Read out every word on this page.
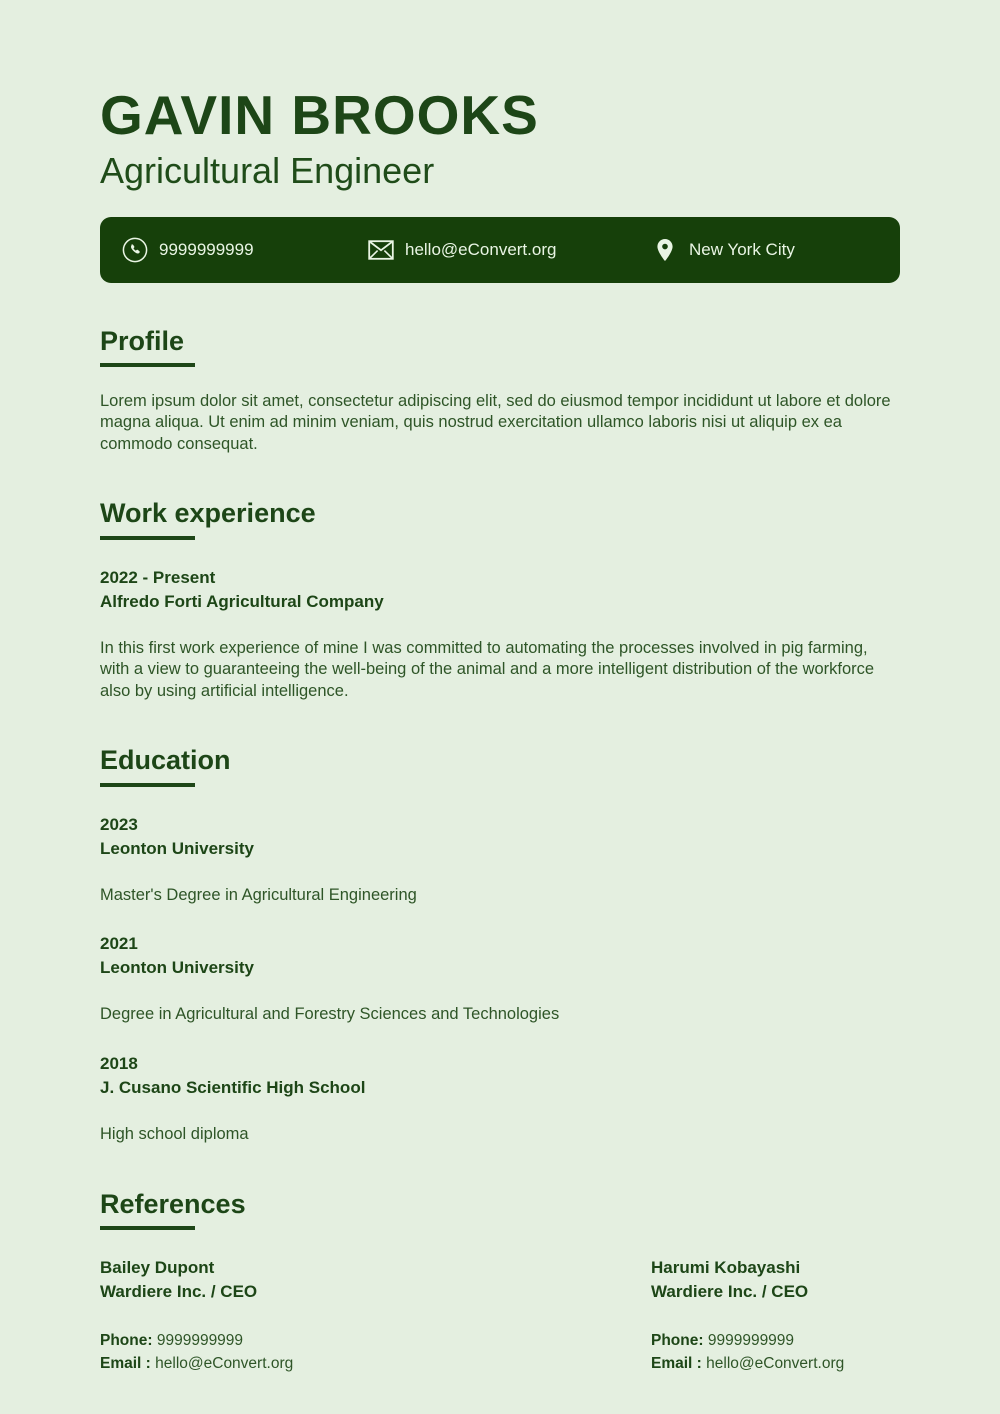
GAVIN BROOKS
Agricultural Engineer
9999999999	hello@eConvert.org	New York City
Profile

Lorem ipsum dolor sit amet, consectetur adipiscing elit, sed do eiusmod tempor incididunt ut labore et dolore magna aliqua. Ut enim ad minim veniam, quis nostrud exercitation ullamco laboris nisi ut aliquip ex ea commodo consequat.

Work experience

2022 - Present
Alfredo Forti Agricultural Company

In this first work experience of mine I was committed to automating the processes involved in pig farming, with a view to guaranteeing the well-being of the animal and a more intelligent distribution of the workforce also by using artificial intelligence.

Education

2023
Leonton University

Master's Degree in Agricultural Engineering

2021
Leonton University

Degree in Agricultural and Forestry Sciences and Technologies

2018
J. Cusano Scientific High School

High school diploma

References

Bailey Dupont
Wardiere Inc. / CEO

Phone: 9999999999

Email : hello@eConvert.org

Harumi Kobayashi
Wardiere Inc. / CEO

Phone: 9999999999

Email : hello@eConvert.org
